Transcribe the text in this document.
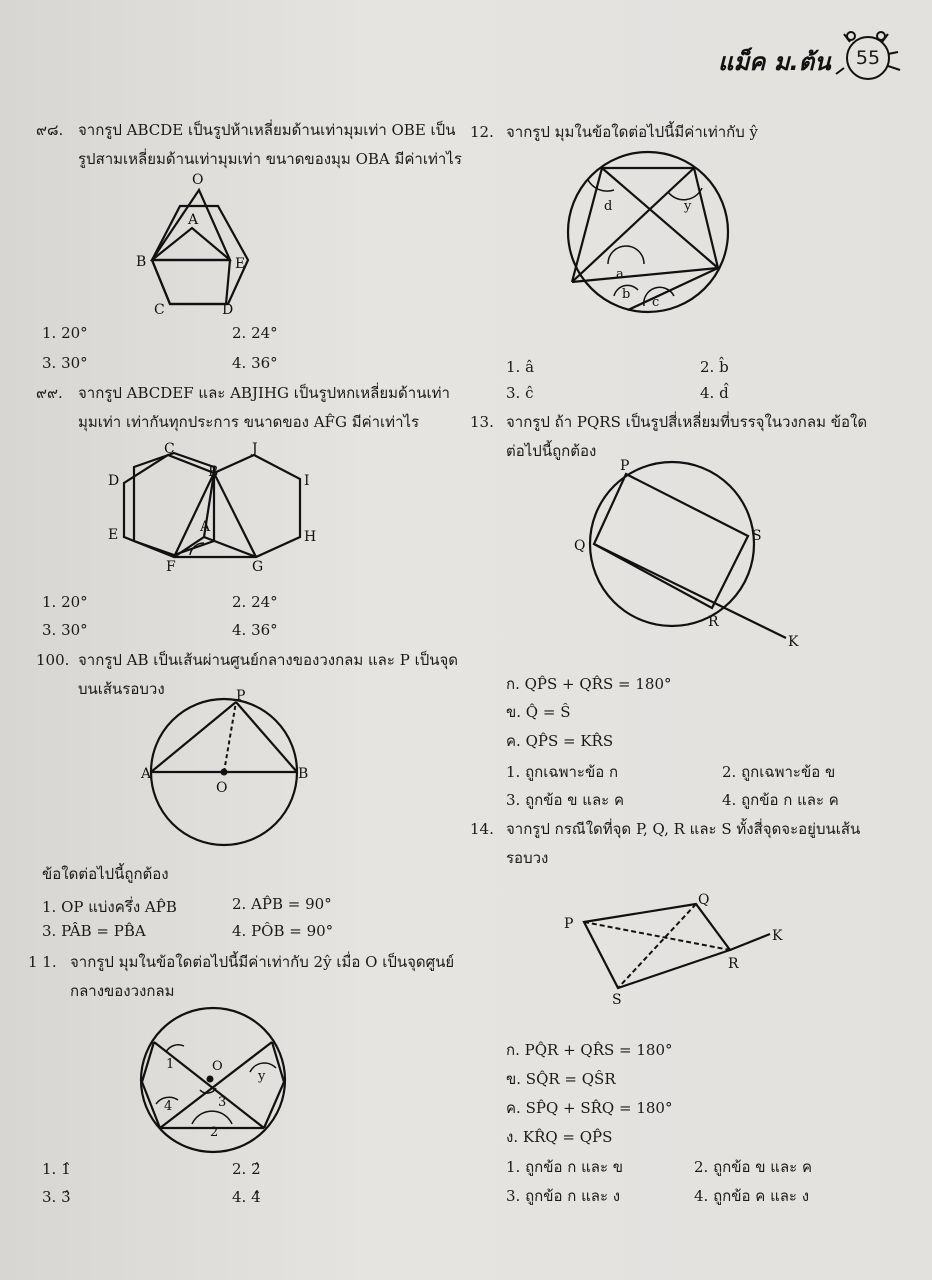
แม็ค ม.ต้น	55
๙๘. จากรูป ABCDE เป็นรูปห้าเหลี่ยมด้านเท่ามุมเท่า OBE เป็น
รูปสามเหลี่ยมด้านเท่ามุมเท่า ขนาดของมุม OBA มีค่าเท่าไร
O
A
B	E
C	D
1. 20°	2. 24°
3. 30°	4. 36°
๙๙. จากรูป ABCDEF และ ABJIHG เป็นรูปหกเหลี่ยมด้านเท่า
มุมเท่า เท่ากันทุกประการ ขนาดของ AF̂G มีค่าเท่าไร
C
B
J
D	I
E	A
H
F	G
1. 20°	2. 24°
3. 30°	4. 36°
100. จากรูป AB เป็นเส้นผ่านศูนย์กลางของวงกลม และ P เป็นจุด
บนเส้นรอบวง	P
A
O
B
ข้อใดต่อไปนี้ถูกต้อง
1. OP แบ่งครึ่ง AP̂B	2. AP̂B = 90°
3. PÂB = PB̂A	4. PÔB = 90°
1 1. จากรูป มุมในข้อใดต่อไปนี้มีค่าเท่ากับ 2ŷ เมื่อ O เป็นจุดศูนย์
กลางของวงกลม
1	O
y
4	3
2
1. 1̂	2. 2̂
3. 3̂	4. 4̂
12. จากรูป มุมในข้อใดต่อไปนี้มีค่าเท่ากับ ŷ
d	y
a
b
c
1. â	2. b̂
3. ĉ	4. d̂
13. จากรูป ถ้า PQRS เป็นรูปสี่เหลี่ยมที่บรรจุในวงกลม ข้อใด
ต่อไปนี้ถูกต้อง
P
Q
S
R
K
ก. QP̂S + QR̂S = 180°
ข. Q̂ = Ŝ
ค. QP̂S = KR̂S
1. ถูกเฉพาะข้อ ก	2. ถูกเฉพาะข้อ ข
3. ถูกข้อ ข และ ค	4. ถูกข้อ ก และ ค
14. จากรูป กรณีใดที่จุด P, Q, R และ S ทั้งสี่จุดจะอยู่บนเส้น
รอบวง
P
Q
K
R
S
ก. PQ̂R + QR̂S = 180°
ข. SQ̂R = QŜR
ค. SP̂Q + SR̂Q = 180°
ง. KR̂Q = QP̂S
1. ถูกข้อ ก และ ข	2. ถูกข้อ ข และ ค
3. ถูกข้อ ก และ ง	4. ถูกข้อ ค และ ง
